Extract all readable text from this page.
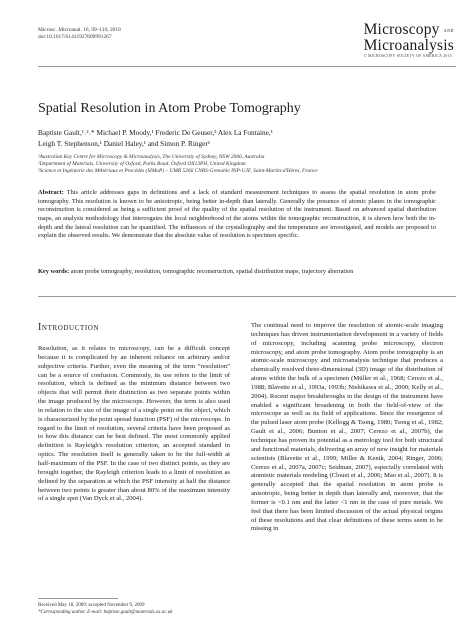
Microsc. Microanal. 16, 99–110, 2010
doi:10.1017/S1431927609991267	Microscopy AND
Microanalysis
© MICROSCOPY SOCIETY OF AMERICA 2010
Spatial Resolution in Atom Probe Tomography
Baptiste Gault,¹˒²˒* Michael P. Moody,¹ Frederic De Geuser,³ Alex La Fontaine,¹
Leigh T. Stephenson,¹ Daniel Haley,¹ and Simon P. Ringer¹
¹Australian Key Centre for Microscopy & Microanalysis, The University of Sydney, NSW 2006, Australia
²Department of Materials, University of Oxford, Parks Road, Oxford OX13PH, United Kingdom
³Science et Ingénierie des MAtériaux et Procédés (SIMaP) – UMR 5266 CNRS-Grenoble INP-UJF, Saint-Martin-d'Hères, France
Abstract: This article addresses gaps in definitions and a lack of standard measurement techniques to assess the spatial resolution in atom probe tomography. This resolution is known to be anisotropic, being better in-depth than laterally. Generally the presence of atomic planes in the tomographic reconstruction is considered as being a sufficient proof of the quality of the spatial resolution of the instrument. Based on advanced spatial distribution maps, an analysis methodology that interrogates the local neighborhood of the atoms within the tomographic reconstruction, it is shown how both the in-depth and the lateral resolution can be quantified. The influences of the crystallography and the temperature are investigated, and models are proposed to explain the observed results. We demonstrate that the absolute value of resolution is specimen specific.
Key words: atom probe tomography, resolution, tomographic reconstruction, spatial distribution maps, trajectory aberration
Introduction
Resolution, as it relates to microscopy, can be a difficult concept because it is complicated by an inherent reliance on arbitrary and/or subjective criteria. Further, even the meaning of the term “resolution” can be a source of confusion. Commonly, its use refers to the limit of resolution, which is defined as the minimum distance between two objects that will permit their distinction as two separate points within the image produced by the microscope. However, the term is also used in relation to the size of the image of a single point on the object, which is characterized by the point spread function (PSF) of the microscope. In regard to the limit of resolution, several criteria have been proposed as to how this distance can be best defined. The most commonly applied definition is Rayleigh's resolution criterion, an accepted standard in optics. The resolution itself is generally taken to be the full-width at half-maximum of the PSF. In the case of two distinct points, as they are brought together, the Rayleigh criterion leads to a limit of resolution as defined by the separation at which the PSF intensity at half the distance between two points is greater than about 80% of the maximum intensity of a single spot (Van Dyck et al., 2004).
The continual need to improve the resolution of atomic-scale imaging techniques has driven instrumentation development in a variety of fields of microscopy, including scanning probe microscopy, electron microscopy, and atom probe tomography. Atom probe tomography is an atomic-scale microscopy and microanalysis technique that produces a chemically resolved three-dimensional (3D) image of the distribution of atoms within the bulk of a specimen (Müller et al., 1968; Cerezo et al., 1988; Blavette et al., 1993a, 1993b; Nishikawa et al., 2000; Kelly et al., 2004). Recent major breakthroughs in the design of the instrument have enabled a significant broadening in both the field-of-view of the microscope as well as its field of applications. Since the resurgence of the pulsed laser atom probe (Kellogg & Tsong, 1980; Tsong et al., 1982; Gault et al., 2006; Bunton et al., 2007; Cerezo et al., 2007b), the technique has proven its potential as a metrology tool for both structural and functional materials, delivering an array of new insight for materials scientists (Blavette et al., 1999; Miller & Kenik, 2004; Ringer, 2006; Cerezo et al., 2007a, 2007c; Seidman, 2007), especially correlated with atomistic materials modeling (Clouet et al., 2006; Mao et al., 2007). It is generally accepted that the spatial resolution in atom probe is anisotropic, being better in depth than laterally and, moreover, that the former is <0.1 nm and the latter <1 nm in the case of pure metals. We feel that there has been limited discussion of the actual physical origins of these resolutions and that clear definitions of these terms seem to be missing in
Received May 18, 2009; accepted November 9, 2009
*Corresponding author. E-mail: baptiste.gault@materials.ox.ac.uk
